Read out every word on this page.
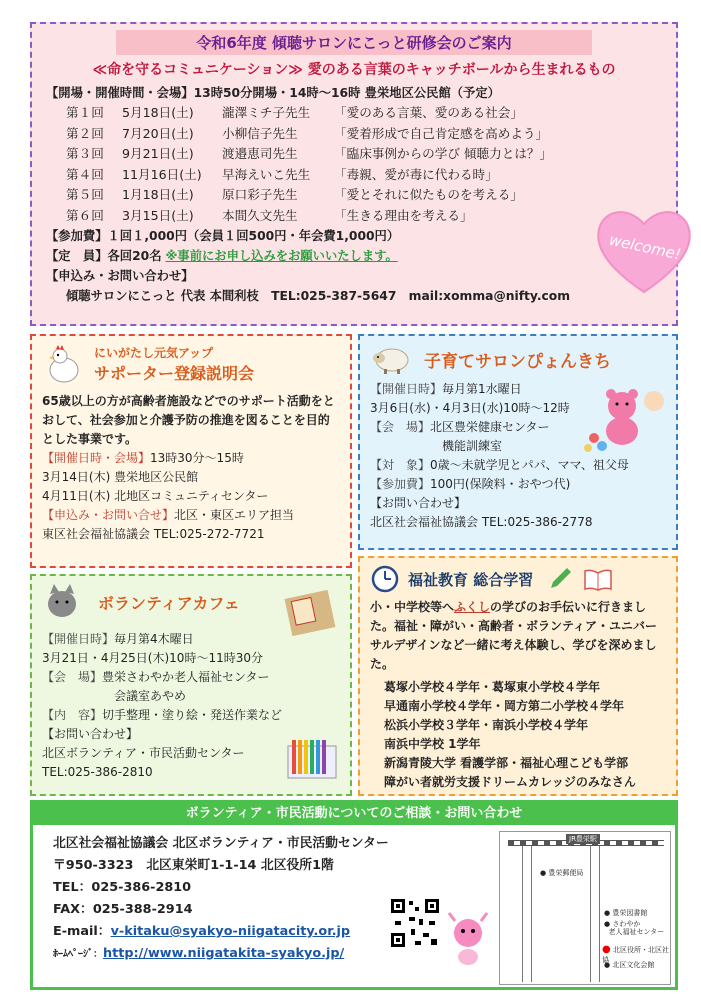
令和6年度 傾聴サロンにこっと研修会のご案内
≪命を守るコミュニケーション≫ 愛のある言葉のキャッチボールから生まれるもの
【開場・開催時間・会場】13時50分開場・14時～16時 豊栄地区公民館（予定）
第１回 5月18日(土) 瀧澤ミチ子先生 「愛のある言葉、愛のある社会」
第２回 7月20日(土) 小柳信子先生	「愛着形成で自己肯定感を高めよう」
第３回 9月21日(土) 渡邉恵司先生	「臨床事例からの学び 傾聴力とは？」
第４回 11月16日(土) 早海えいこ先生 「毒親、愛が毒に代わる時」
第５回 1月18日(土) 原口彩子先生	「愛とそれに似たものを考える」
第６回 3月15日(土) 本間久文先生	「生きる理由を考える」
【参加費】１回１,000円（会員１回500円・年会費1,000円）
【定　員】各回20名 ※事前にお申し込みをお願いいたします。
【申込み・お問い合わせ】
傾聴サロンにこっと 代表 本間利枝　TEL:025-387-5647　mail:xomma@nifty.com
welcome!
にいがたし元気アップ
サポーター登録説明会
65歳以上の方が高齢者施設などでのサポート活動をとおして、社会参加と介護予防の推進を図ることを目的とした事業です。
【開催日時・会場】13時30分～15時
3月14日(木) 豊栄地区公民館
4月11日(木) 北地区コミュニティセンター
【申込み・お問い合せ】北区・東区エリア担当
東区社会福祉協議会 TEL:025-272-7721
子育てサロンぴょんきち
【開催日時】毎月第1水曜日
3月6日(水)・4月3日(水)10時～12時
【会　場】北区豊栄健康センター
機能訓練室
【対　象】0歳～未就学児とパパ、ママ、祖父母
【参加費】100円(保険料・おやつ代)
【お問い合わせ】
北区社会福祉協議会 TEL:025-386-2778
ボランティアカフェ
【開催日時】毎月第4木曜日
3月21日・4月25日(木)10時～11時30分
【会　場】豊栄さわやか老人福祉センター
会議室あやめ
【内　容】切手整理・塗り絵・発送作業など
【お問い合わせ】
北区ボランティア・市民活動センター
TEL:025-386-2810
福祉教育 総合学習
小・中学校等へふくしの学びのお手伝いに行きました。福祉・障がい・高齢者・ボランティア・ユニバーサルデザインなど一緒に考え体験し、学びを深めました。
葛塚小学校４学年・葛塚東小学校４学年
早通南小学校４学年・岡方第二小学校４学年
松浜小学校３学年・南浜小学校４学年
南浜中学校 1学年
新潟青陵大学 看護学部・福祉心理こども学部
障がい者就労支援ドリームカレッジのみなさん
ボランティア・市民活動についてのご相談・お問い合わせ
北区社会福祉協議会 北区ボランティア・市民活動センター
〒950-3323　北区東栄町1-1-14 北区役所1階
TEL：025-386-2810
FAX：025-388-2914
E-mail：v-kitaku@syakyo-niigatacity.or.jp
ﾎｰﾑﾍﾟｰｼﾞ：http://www.niigatakita-syakyo.jp/
JR豊栄駅
● 豊栄郵便局
● 豊栄図書館
● さわやか
老人福祉センター
● 北区役所・北区社協
● 北区文化会館
